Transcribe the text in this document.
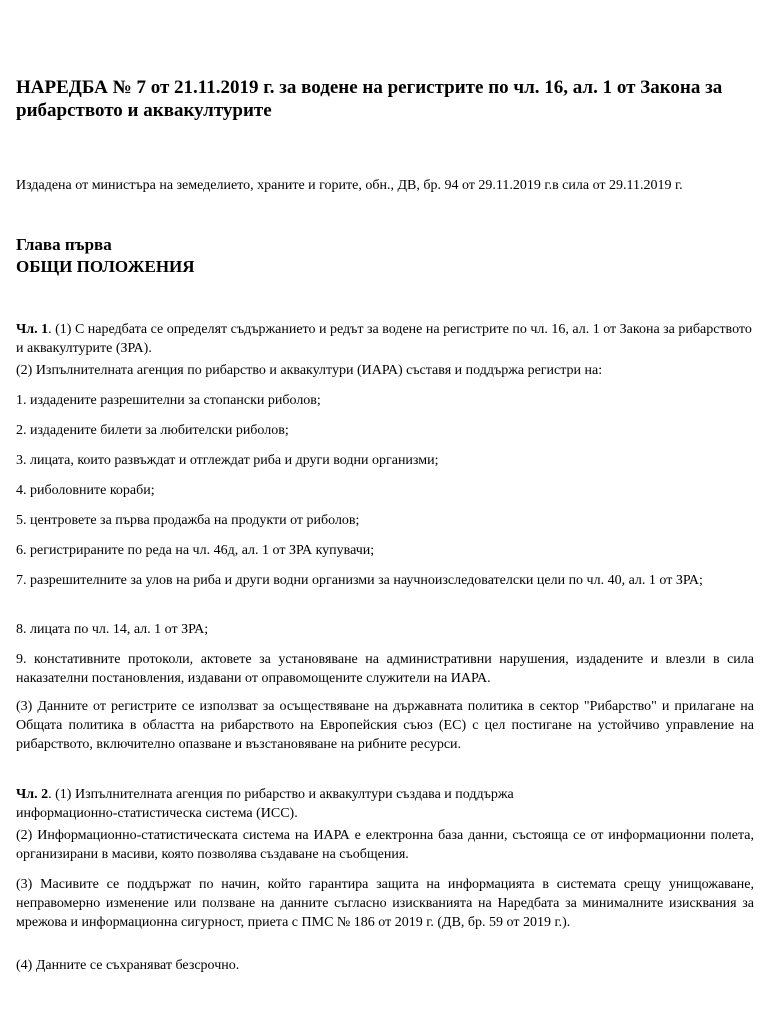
НАРЕДБА № 7 от 21.11.2019 г. за водене на регистрите по чл. 16, ал. 1 от Закона за рибарството и аквакултурите

Издадена от министъра на земеделието, храните и горите, обн., ДВ, бр. 94 от 29.11.2019 г.в сила от 29.11.2019 г.

Глава първа
ОБЩИ ПОЛОЖЕНИЯ

Чл. 1. (1) С наредбата се определят съдържанието и редът за водене на регистрите по чл. 16, ал. 1 от Закона за рибарството и аквакултурите (ЗРА).

(2) Изпълнителната агенция по рибарство и аквакултури (ИАРА) съставя и поддържа регистри на:

1. издадените разрешителни за стопански риболов;

2. издадените билети за любителски риболов;

3. лицата, които развъждат и отглеждат риба и други водни организми;

4. риболовните кораби;

5. центровете за първа продажба на продукти от риболов;

6. регистрираните по реда на чл. 46д, ал. 1 от ЗРА купувачи;

7. разрешителните за улов на риба и други водни организми за научноизследователски цели по чл. 40, ал. 1 от ЗРА;

8. лицата по чл. 14, ал. 1 от ЗРА;

9. констативните протоколи, актовете за установяване на административни нарушения, издадените и влезли в сила наказателни постановления, издавани от оправомощените служители на ИАРА.

(3) Данните от регистрите се използват за осъществяване на държавната политика в сектор "Рибарство" и прилагане на Общата политика в областта на рибарството на Европейския съюз (ЕС) с цел постигане на устойчиво управление на рибарството, включително опазване и възстановяване на рибните ресурси.

Чл. 2. (1) Изпълнителната агенция по рибарство и аквакултури създава и поддържа информационно-статистическа система (ИСС).

(2) Информационно-статистическата система на ИАРА е електронна база данни, състояща се от информационни полета, организирани в масиви, която позволява създаване на съобщения.

(3) Масивите се поддържат по начин, който гарантира защита на информацията в системата срещу унищожаване, неправомерно изменение или ползване на данните съгласно изискванията на Наредбата за минималните изисквания за мрежова и информационна сигурност, приета с ПМС № 186 от 2019 г. (ДВ, бр. 59 от 2019 г.).

(4) Данните се съхраняват безсрочно.
